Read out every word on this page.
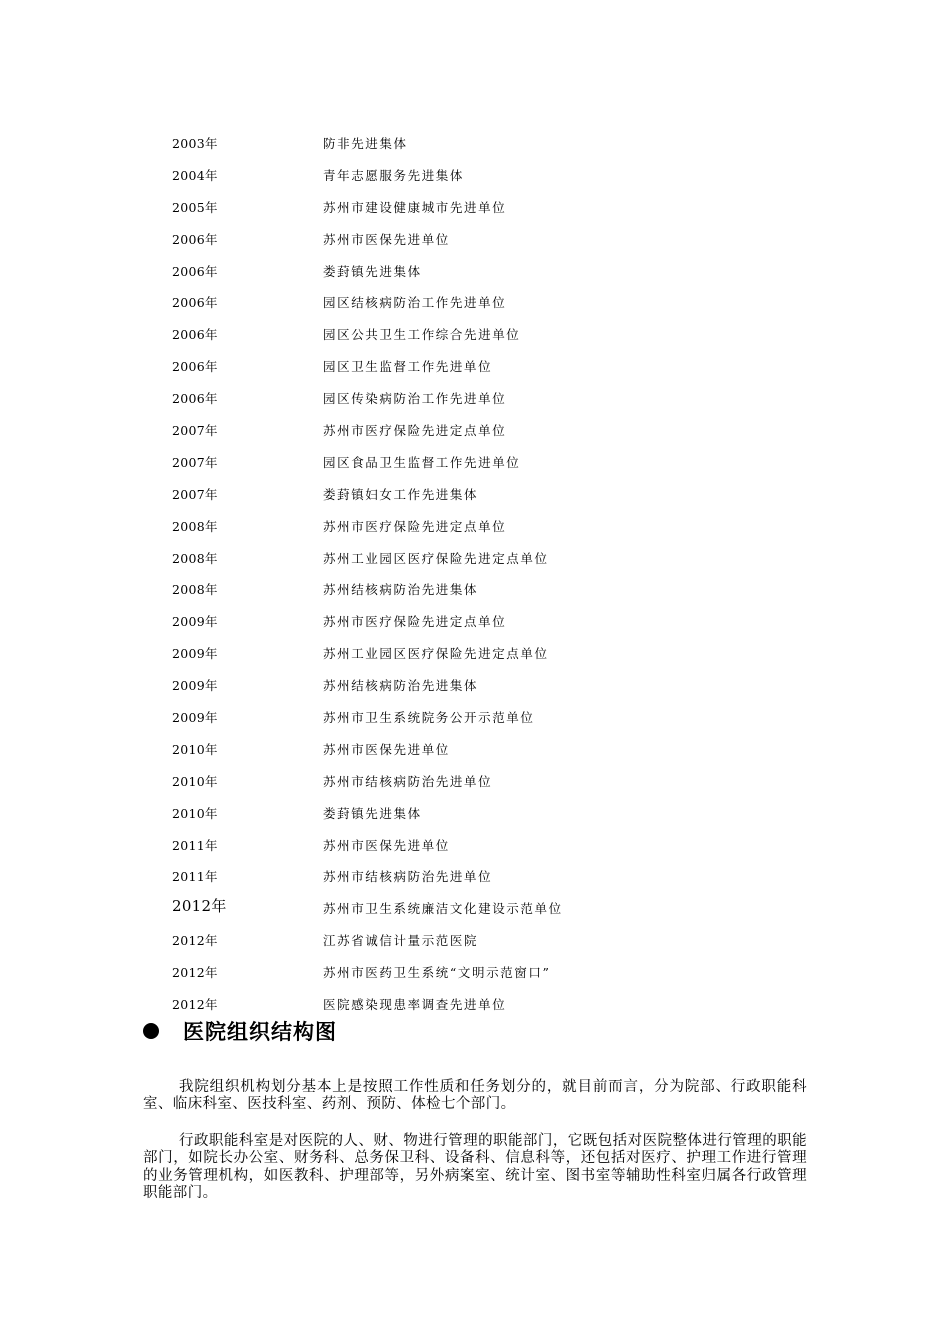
2003年	防非先进集体
2004年	青年志愿服务先进集体
2005年	苏州市建设健康城市先进单位
2006年	苏州市医保先进单位
2006年	娄葑镇先进集体
2006年	园区结核病防治工作先进单位
2006年	园区公共卫生工作综合先进单位
2006年	园区卫生监督工作先进单位
2006年	园区传染病防治工作先进单位
2007年	苏州市医疗保险先进定点单位
2007年	园区食品卫生监督工作先进单位
2007年	娄葑镇妇女工作先进集体
2008年	苏州市医疗保险先进定点单位
2008年	苏州工业园区医疗保险先进定点单位
2008年	苏州结核病防治先进集体
2009年	苏州市医疗保险先进定点单位
2009年	苏州工业园区医疗保险先进定点单位
2009年	苏州结核病防治先进集体
2009年	苏州市卫生系统院务公开示范单位
2010年	苏州市医保先进单位
2010年	苏州市结核病防治先进单位
2010年	娄葑镇先进集体
2011年	苏州市医保先进单位
2011年	苏州市结核病防治先进单位
2012年	苏州市卫生系统廉洁文化建设示范单位
2012年	江苏省诚信计量示范医院
2012年	苏州市医药卫生系统“文明示范窗口”
2012年	医院感染现患率调查先进单位
医院组织结构图

我院组织机构划分基本上是按照工作性质和任务划分的，就目前而言，分为院部、行政职能科室、临床科室、医技科室、药剂、预防、体检七个部门。

行政职能科室是对医院的人、财、物进行管理的职能部门，它既包括对医院整体进行管理的职能部门，如院长办公室、财务科、总务保卫科、设备科、信息科等，还包括对医疗、护理工作进行管理的业务管理机构，如医教科、护理部等，另外病案室、统计室、图书室等辅助性科室归属各行政管理职能部门。
